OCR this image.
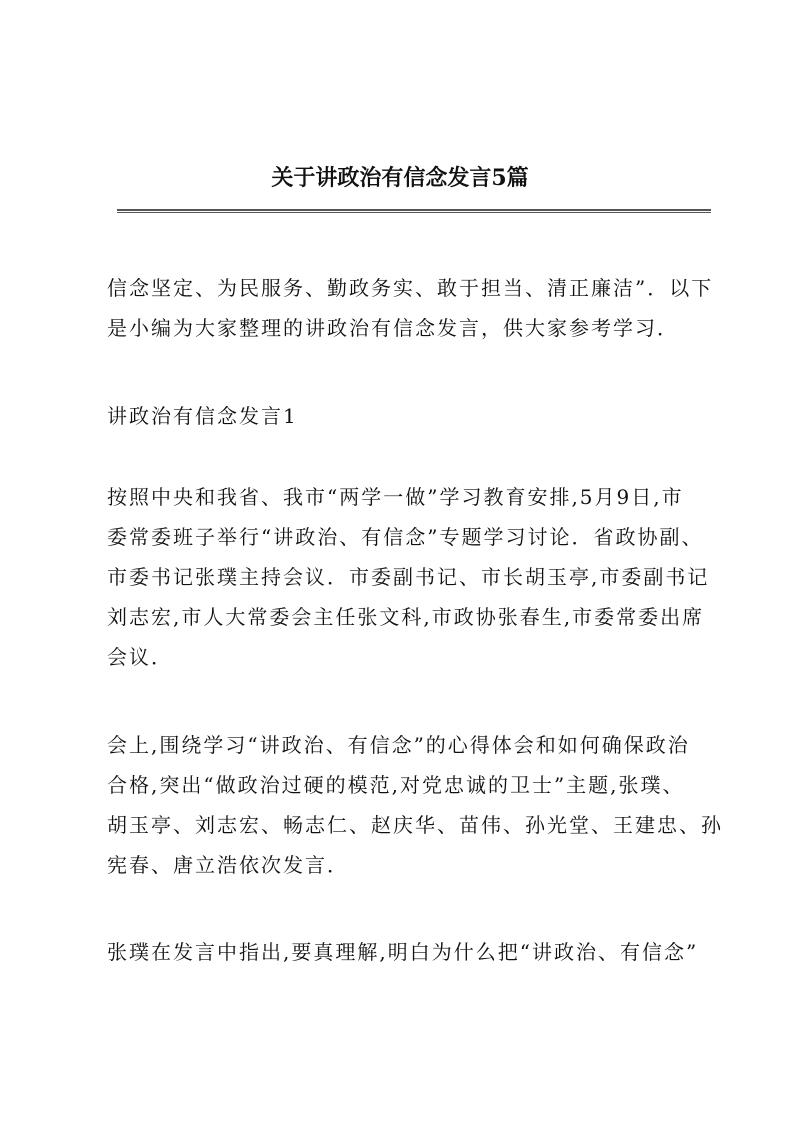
关于讲政治有信念发言5篇

信念坚定、为民服务、勤政务实、敢于担当、清正廉洁”．以下
是小编为大家整理的讲政治有信念发言，供大家参考学习．

讲政治有信念发言1

按照中央和我省、我市“两学一做”学习教育安排,5月9日,市
委常委班子举行“讲政治、有信念”专题学习讨论．省政协副、
市委书记张璞主持会议．市委副书记、市长胡玉亭,市委副书记
刘志宏,市人大常委会主任张文科,市政协张春生,市委常委出席
会议．

会上,围绕学习“讲政治、有信念”的心得体会和如何确保政治
合格,突出“做政治过硬的模范,对党忠诚的卫士”主题,张璞、
胡玉亭、刘志宏、畅志仁、赵庆华、苗伟、孙光堂、王建忠、孙
宪春、唐立浩依次发言．

张璞在发言中指出,要真理解,明白为什么把“讲政治、有信念”
